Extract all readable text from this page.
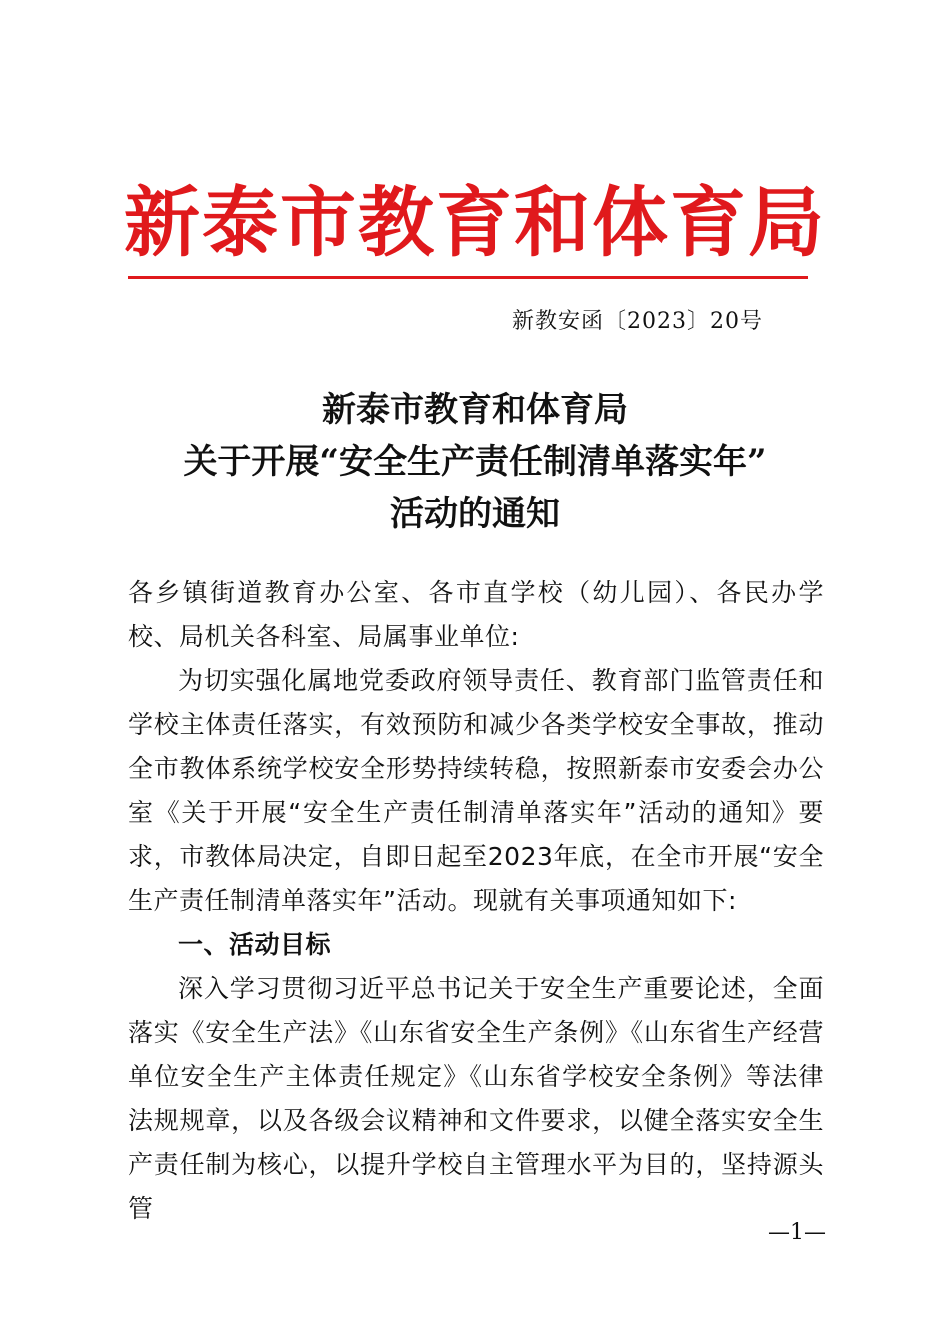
新泰市教育和体育局
新教安函〔2023〕20号
新泰市教育和体育局
关于开展“安全生产责任制清单落实年”
活动的通知

各乡镇街道教育办公室、各市直学校（幼儿园）、各民办学校、局机关各科室、局属事业单位:

为切实强化属地党委政府领导责任、教育部门监管责任和学校主体责任落实，有效预防和减少各类学校安全事故，推动全市教体系统学校安全形势持续转稳，按照新泰市安委会办公室《关于开展“安全生产责任制清单落实年”活动的通知》要求，市教体局决定，自即日起至2023年底，在全市开展“安全生产责任制清单落实年”活动。现就有关事项通知如下:

一、活动目标

深入学习贯彻习近平总书记关于安全生产重要论述，全面落实《安全生产法》《山东省安全生产条例》《山东省生产经营单位安全生产主体责任规定》《山东省学校安全条例》等法律法规规章，以及各级会议精神和文件要求，以健全落实安全生产责任制为核心，以提升学校自主管理水平为目的，坚持源头管

—1—
